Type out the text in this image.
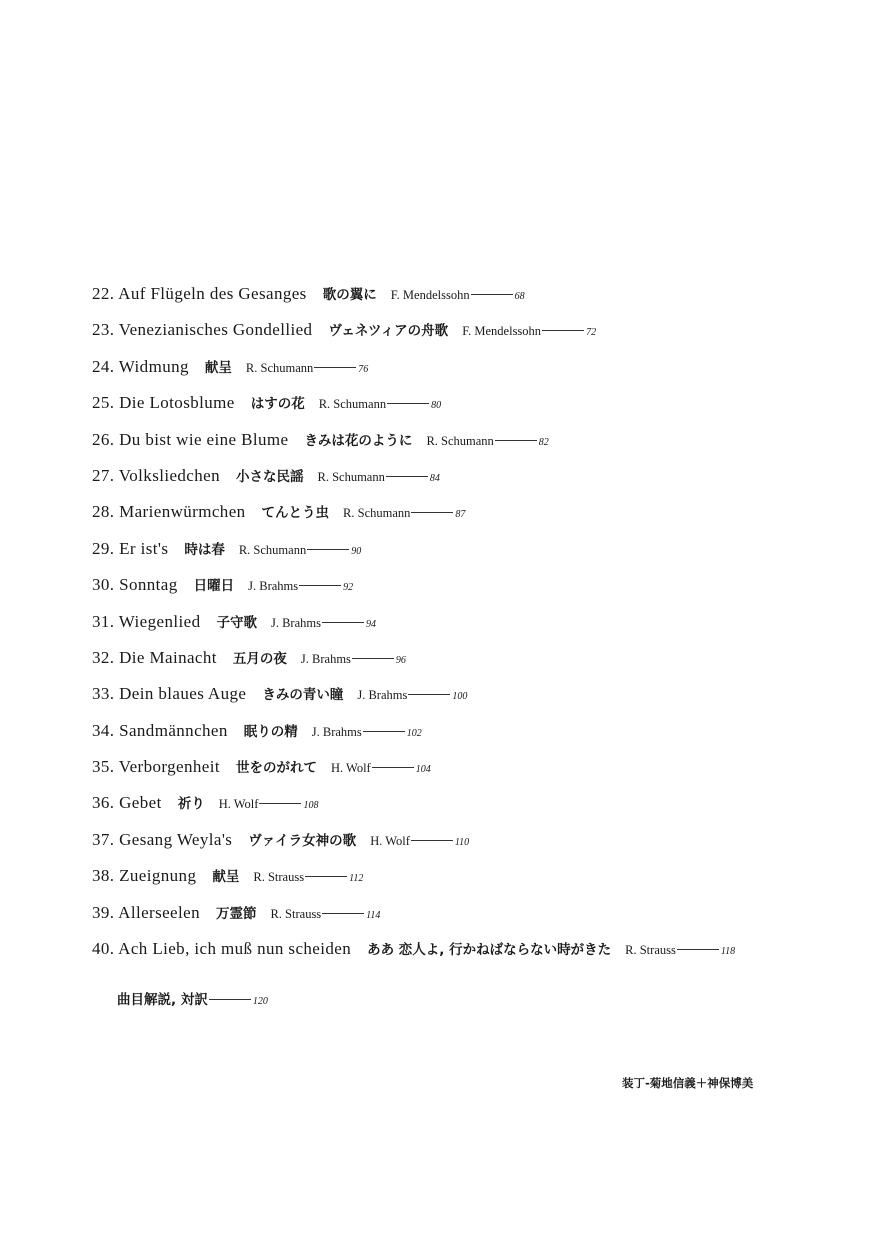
22. Auf Flügeln des Gesanges 歌の翼に F. Mendelssohn	68
23. Venezianisches Gondellied ヴェネツィアの舟歌 F. Mendelssohn	72
24. Widmung 献呈 R. Schumann	76
25. Die Lotosblume はすの花 R. Schumann	80
26. Du bist wie eine Blume きみは花のように R. Schumann	82
27. Volksliedchen 小さな民謡 R. Schumann	84
28. Marienwürmchen てんとう虫 R. Schumann	87
29. Er ist's 時は春 R. Schumann	90
30. Sonntag 日曜日 J. Brahms	92
31. Wiegenlied 子守歌 J. Brahms	94
32. Die Mainacht 五月の夜 J. Brahms	96
33. Dein blaues Auge きみの青い瞳 J. Brahms	100
34. Sandmännchen 眠りの精 J. Brahms	102
35. Verborgenheit 世をのがれて H. Wolf	104
36. Gebet 祈り H. Wolf	108
37. Gesang Weyla's ヴァイラ女神の歌 H. Wolf	110
38. Zueignung 献呈 R. Strauss	112
39. Allerseelen 万霊節 R. Strauss	114
40. Ach Lieb, ich muß nun scheiden ああ 恋人よ, 行かねばならない時がきた R. Strauss	118
曲目解説, 対訳	120
装丁-菊地信義＋神保博美
